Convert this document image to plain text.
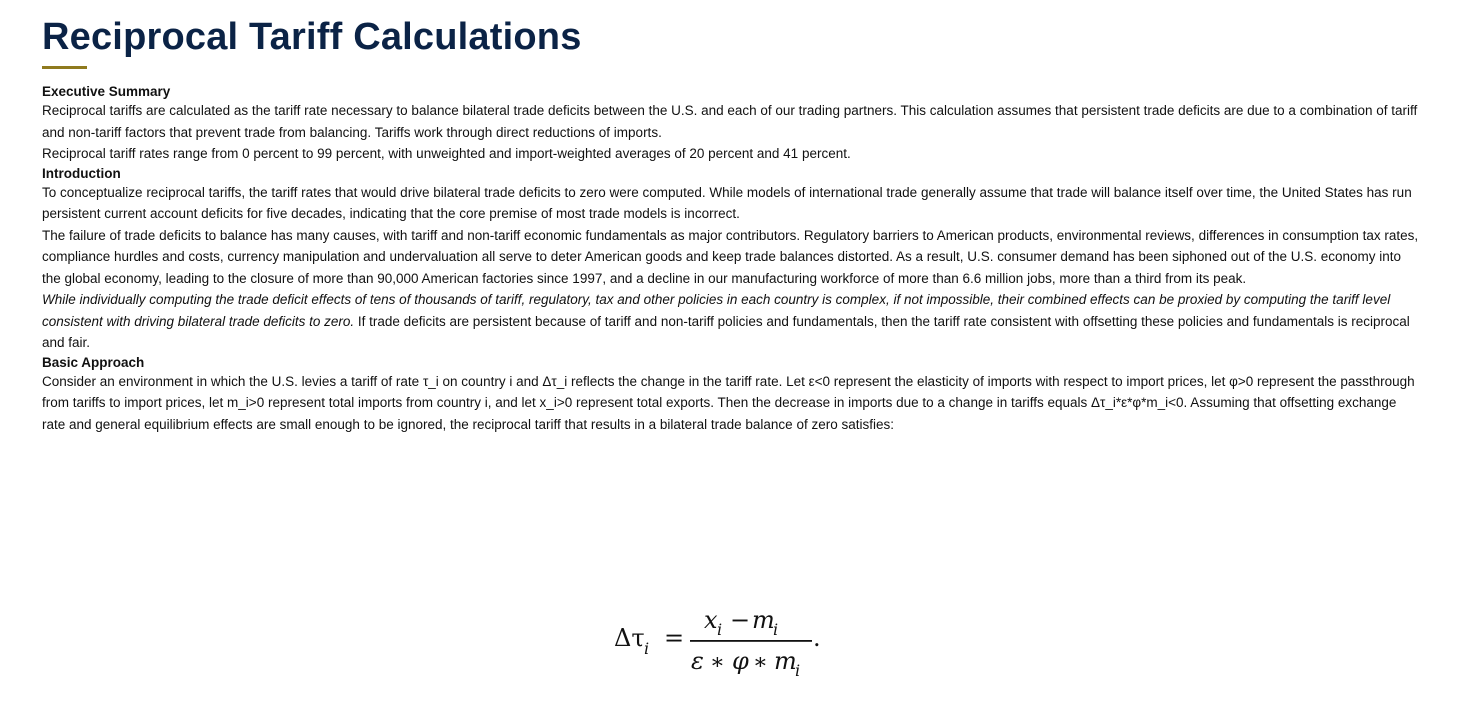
Reciprocal Tariff Calculations
Executive Summary

Reciprocal tariffs are calculated as the tariff rate necessary to balance bilateral trade deficits between the U.S. and each of our trading partners. This calculation assumes that persistent trade deficits are due to a combination of tariff and non-tariff factors that prevent trade from balancing. Tariffs work through direct reductions of imports.

Reciprocal tariff rates range from 0 percent to 99 percent, with unweighted and import-weighted averages of 20 percent and 41 percent.

Introduction

To conceptualize reciprocal tariffs, the tariff rates that would drive bilateral trade deficits to zero were computed. While models of international trade generally assume that trade will balance itself over time, the United States has run persistent current account deficits for five decades, indicating that the core premise of most trade models is incorrect.

The failure of trade deficits to balance has many causes, with tariff and non-tariff economic fundamentals as major contributors. Regulatory barriers to American products, environmental reviews, differences in consumption tax rates, compliance hurdles and costs, currency manipulation and undervaluation all serve to deter American goods and keep trade balances distorted. As a result, U.S. consumer demand has been siphoned out of the U.S. economy into the global economy, leading to the closure of more than 90,000 American factories since 1997, and a decline in our manufacturing workforce of more than 6.6 million jobs, more than a third from its peak.

While individually computing the trade deficit effects of tens of thousands of tariff, regulatory, tax and other policies in each country is complex, if not impossible, their combined effects can be proxied by computing the tariff level consistent with driving bilateral trade deficits to zero. If trade deficits are persistent because of tariff and non-tariff policies and fundamentals, then the tariff rate consistent with offsetting these policies and fundamentals is reciprocal and fair.

Basic Approach

Consider an environment in which the U.S. levies a tariff of rate τ_i on country i and Δτ_i reflects the change in the tariff rate. Let ε<0 represent the elasticity of imports with respect to import prices, let φ>0 represent the passthrough from tariffs to import prices, let m_i>0 represent total imports from country i, and let x_i>0 represent total exports. Then the decrease in imports due to a change in tariffs equals Δτ_i*ε*φ*m_i<0. Assuming that offsetting exchange rate and general equilibrium effects are small enough to be ignored, the reciprocal tariff that results in a bilateral trade balance of zero satisfies:

Δτ i =
x i − m
i
ε ∗ φ ∗ m
i
.
